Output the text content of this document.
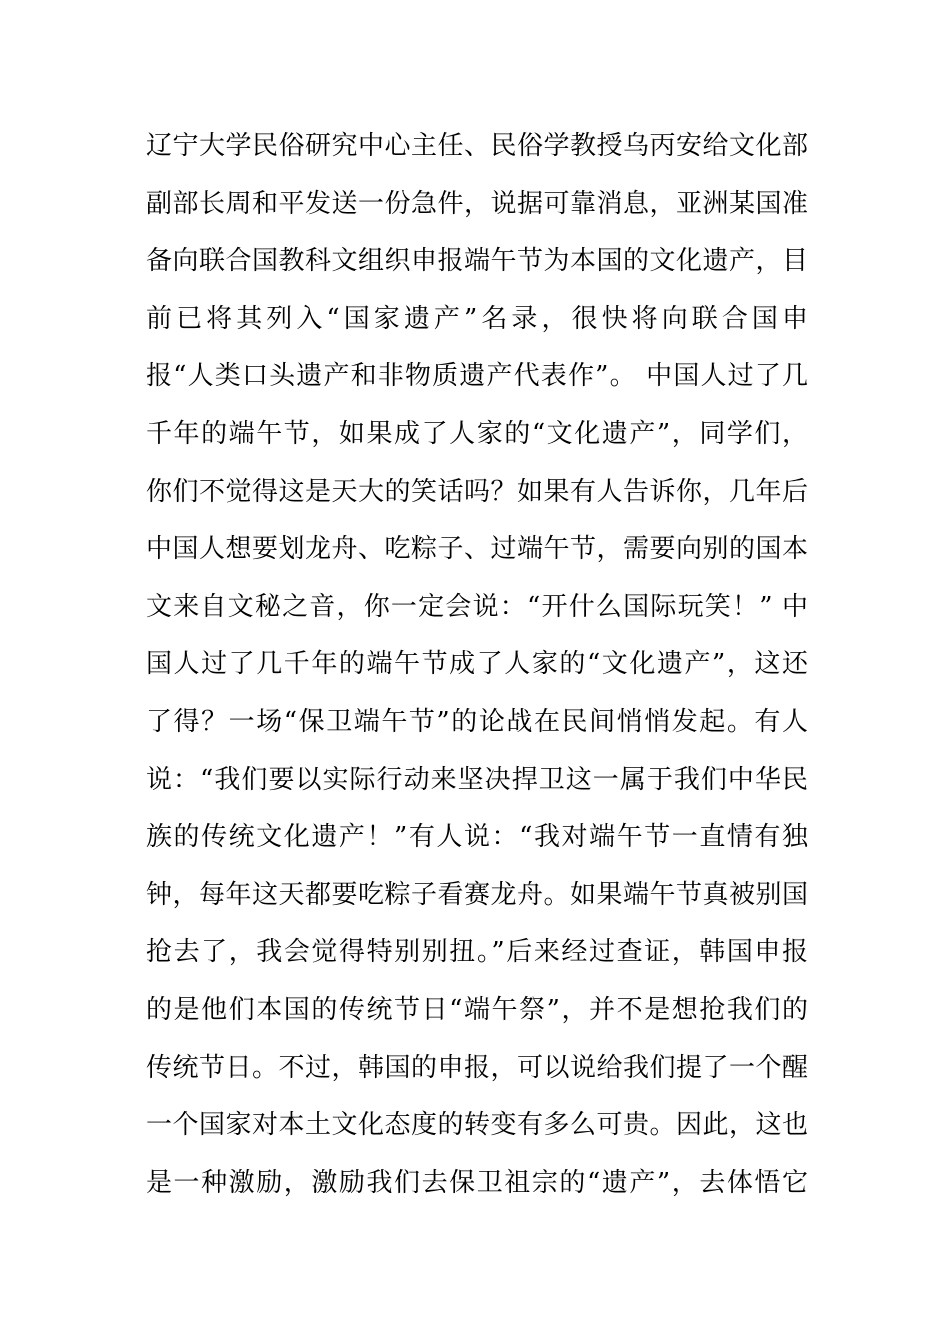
辽宁大学民俗研究中心主任、民俗学教授乌丙安给文化部
副部长周和平发送一份急件，说据可靠消息，亚洲某国准
备向联合国教科文组织申报端午节为本国的文化遗产，目
前已将其列入“国家遗产”名录，很快将向联合国申
报“人类口头遗产和非物质遗产代表作”。 中国人过了几
千年的端午节，如果成了人家的“文化遗产”，同学们，
你们不觉得这是天大的笑话吗？如果有人告诉你，几年后
中国人想要划龙舟、吃粽子、过端午节，需要向别的国本
文来自文秘之音，你一定会说：“开什么国际玩笑！” 中
国人过了几千年的端午节成了人家的“文化遗产”，这还
了得？一场“保卫端午节”的论战在民间悄悄发起。有人
说：“我们要以实际行动来坚决捍卫这一属于我们中华民
族的传统文化遗产！”有人说：“我对端午节一直情有独
钟，每年这天都要吃粽子看赛龙舟。如果端午节真被别国
抢去了，我会觉得特别别扭。”后来经过查证，韩国申报
的是他们本国的传统节日“端午祭”，并不是想抢我们的
传统节日。不过，韩国的申报，可以说给我们提了一个醒
一个国家对本土文化态度的转变有多么可贵。因此，这也
是一种激励，激励我们去保卫祖宗的“遗产”，去体悟它
